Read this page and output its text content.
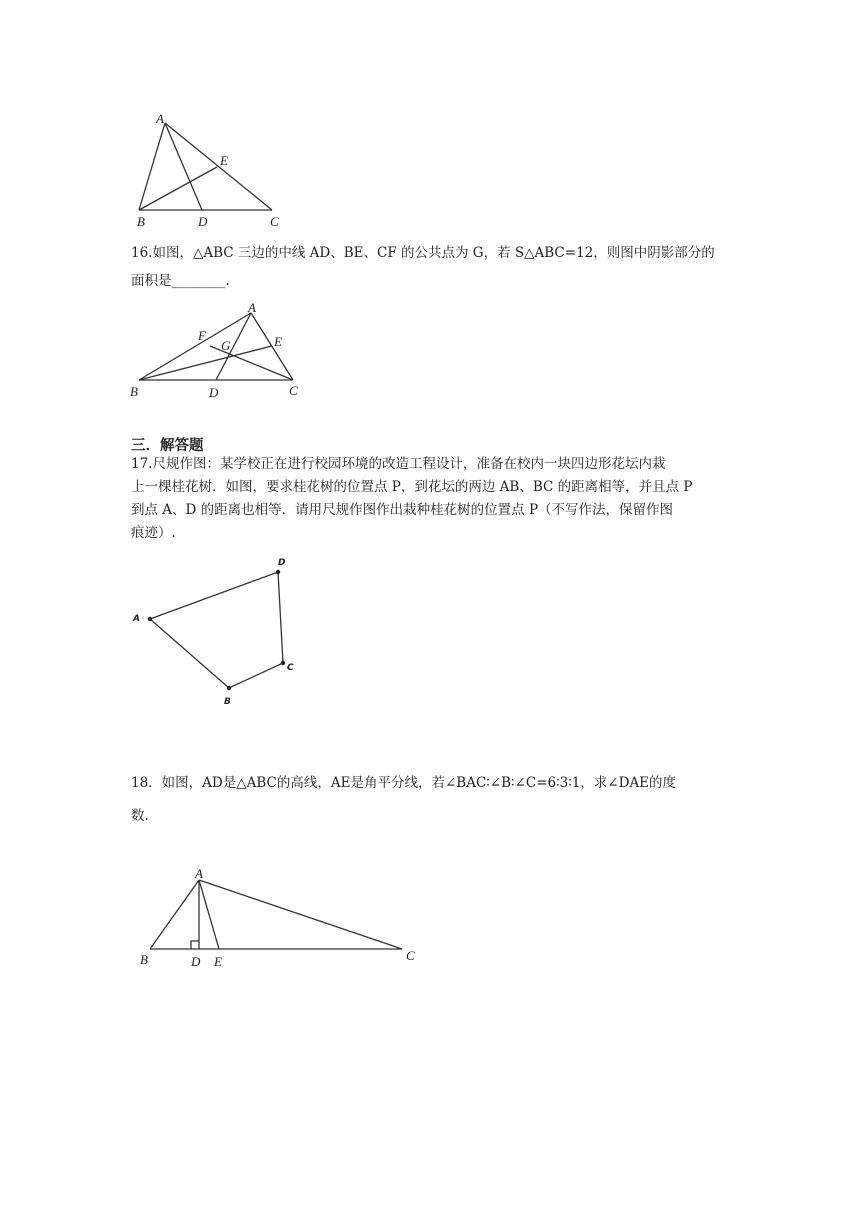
A
E
B	D	C
16.如图，△ABC 三边的中线 AD、BE、CF 的公共点为 G，若 S△ABC=12，则图中阴影部分的
面积是________.
A
F	E
G
B	D	C
三．解答题
17.尺规作图：某学校正在进行校园环境的改造工程设计，准备在校内一块四边形花坛内栽
上一棵桂花树．如图，要求桂花树的位置点 P，到花坛的两边 AB、BC 的距离相等，并且点 P
到点 A、D 的距离也相等．请用尺规作图作出栽种桂花树的位置点 P（不写作法，保留作图
痕迹）.
A
B
C
D
18．如图，AD是△ABC的高线，AE是角平分线，若∠BAC∶∠B∶∠C=6∶3∶1，求∠DAE的度
数.
A
B	D E	C
